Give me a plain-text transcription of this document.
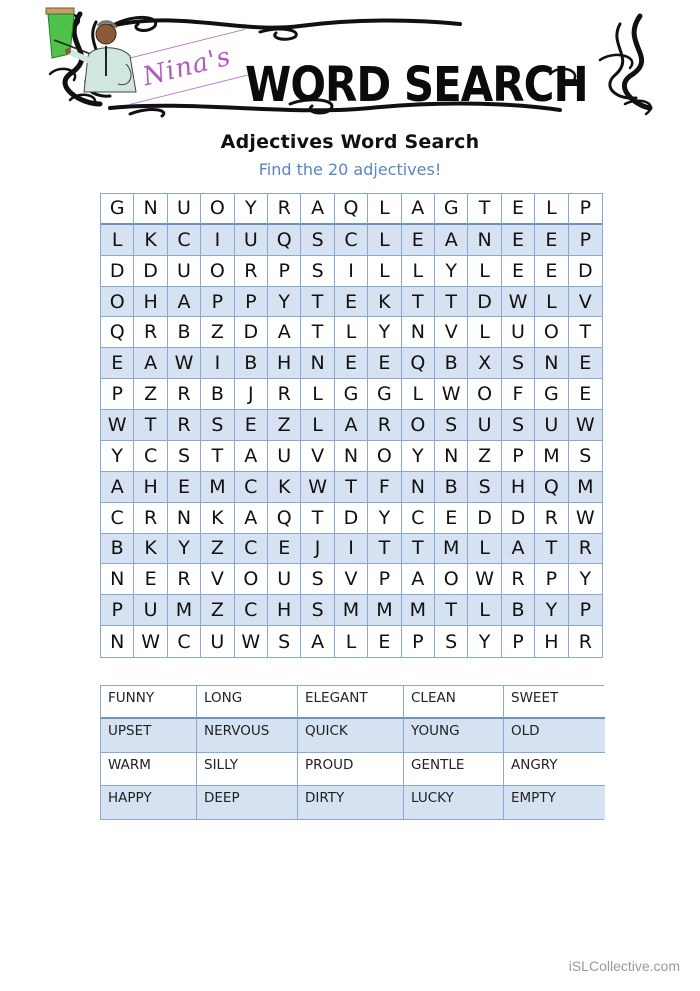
Nina's WORD SEARCH
Adjectives Word Search
Find the 20 adjectives!
G N	U O	Y	R	A	Q	L	A	G	T	E	L	P
L	K	C	I	U Q	S	C	L	E	A	N	E	E	P
D D	U O	R	P	S	I	L	L	Y	L	E	E	D
O H	A	P	P	Y	T	E	K	T	T	D W L	V
Q	R	B	Z	D	A	T	L	Y	N	V	L	U O	T
E	A W	I	B	H	N	E	E	Q	B	X	S	N	E
P	Z	R	B	J	R	L	G G	L W O	F	G	E
W T	R	S	E	Z	L	A	R	O	S	U	S	U W
Y	C	S	T	A	U	V	N O	Y	N	Z	P	M	S
A	H	E	M C	K W T	F	N	B	S	H Q M
C	R	N	K	A	Q	T	D	Y	C	E	D D	R W
B	K	Y	Z	C	E	J	I	T	T	M	L	A	T	R
N	E	R	V	O U	S	V	P	A	O W R	P	Y
P	U M Z	C	H	S	M M M	T	L	B	Y	P
N W C	U W S	A	L	E	P	S	Y	P	H	R
FUNNY	LONG	ELEGANT	CLEAN	SWEET
UPSET	NERVOUS	QUICK	YOUNG	OLD
WARM	SILLY	PROUD	GENTLE	ANGRY
HAPPY	DEEP	DIRTY	LUCKY	EMPTY
iSLCollective.com
